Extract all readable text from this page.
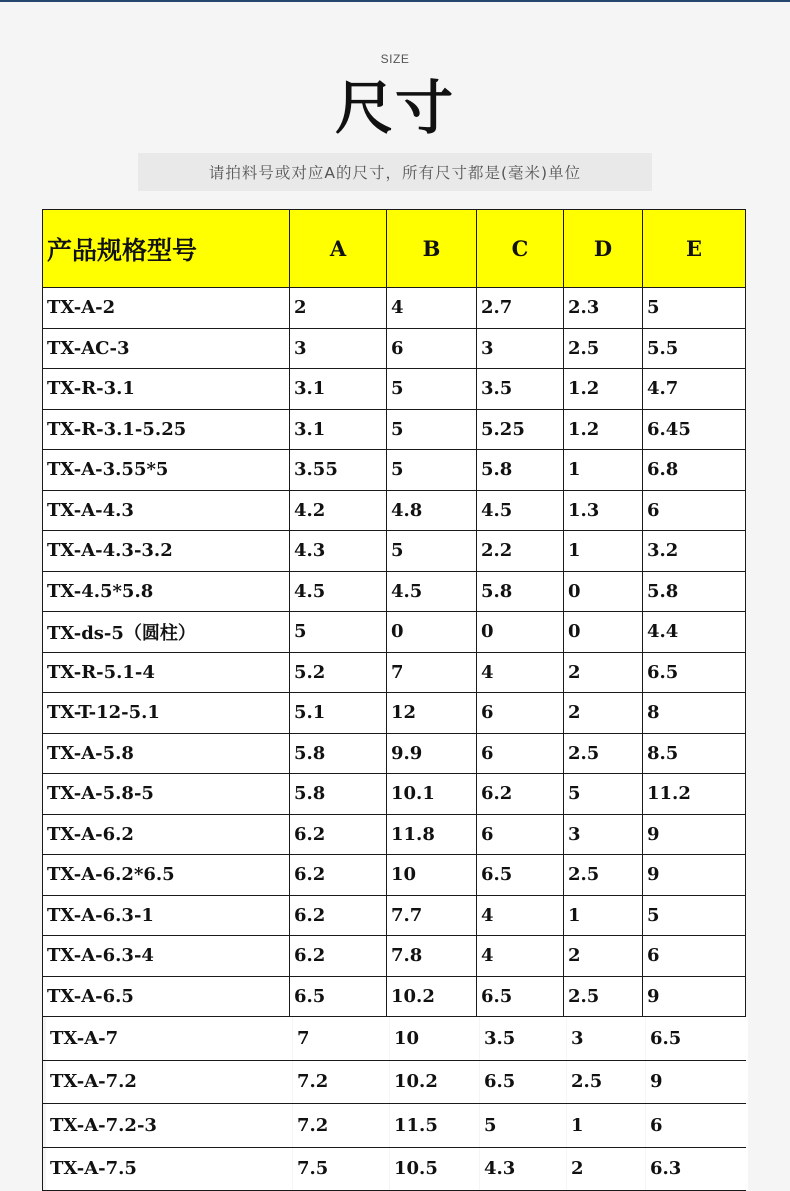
SIZE
尺寸
请拍料号或对应A的尺寸，所有尺寸都是(毫米)单位
产品规格型号	A	B	C	D	E
TX-A-2	2	4	2.7	2.3	5
TX-AC-3	3	6	3	2.5	5.5
TX-R-3.1	3.1	5	3.5	1.2	4.7
TX-R-3.1-5.25	3.1	5	5.25	1.2	6.45
TX-A-3.55*5	3.55	5	5.8	1	6.8
TX-A-4.3	4.2	4.8	4.5	1.3	6
TX-A-4.3-3.2	4.3	5	2.2	1	3.2
TX-4.5*5.8	4.5	4.5	5.8	0	5.8
TX-ds-5（圆柱）	5	0	0	0	4.4
TX-R-5.1-4	5.2	7	4	2	6.5
TX-T-12-5.1	5.1	12	6	2	8
TX-A-5.8	5.8	9.9	6	2.5	8.5
TX-A-5.8-5	5.8	10.1	6.2	5	11.2
TX-A-6.2	6.2	11.8	6	3	9
TX-A-6.2*6.5	6.2	10	6.5	2.5	9
TX-A-6.3-1	6.2	7.7	4	1	5
TX-A-6.3-4	6.2	7.8	4	2	6
TX-A-6.5	6.5	10.2	6.5	2.5	9
TX-A-7	7	10	3.5	3	6.5
TX-A-7.2	7.2	10.2	6.5	2.5	9
TX-A-7.2-3	7.2	11.5	5	1	6
TX-A-7.5	7.5	10.5	4.3	2	6.3
